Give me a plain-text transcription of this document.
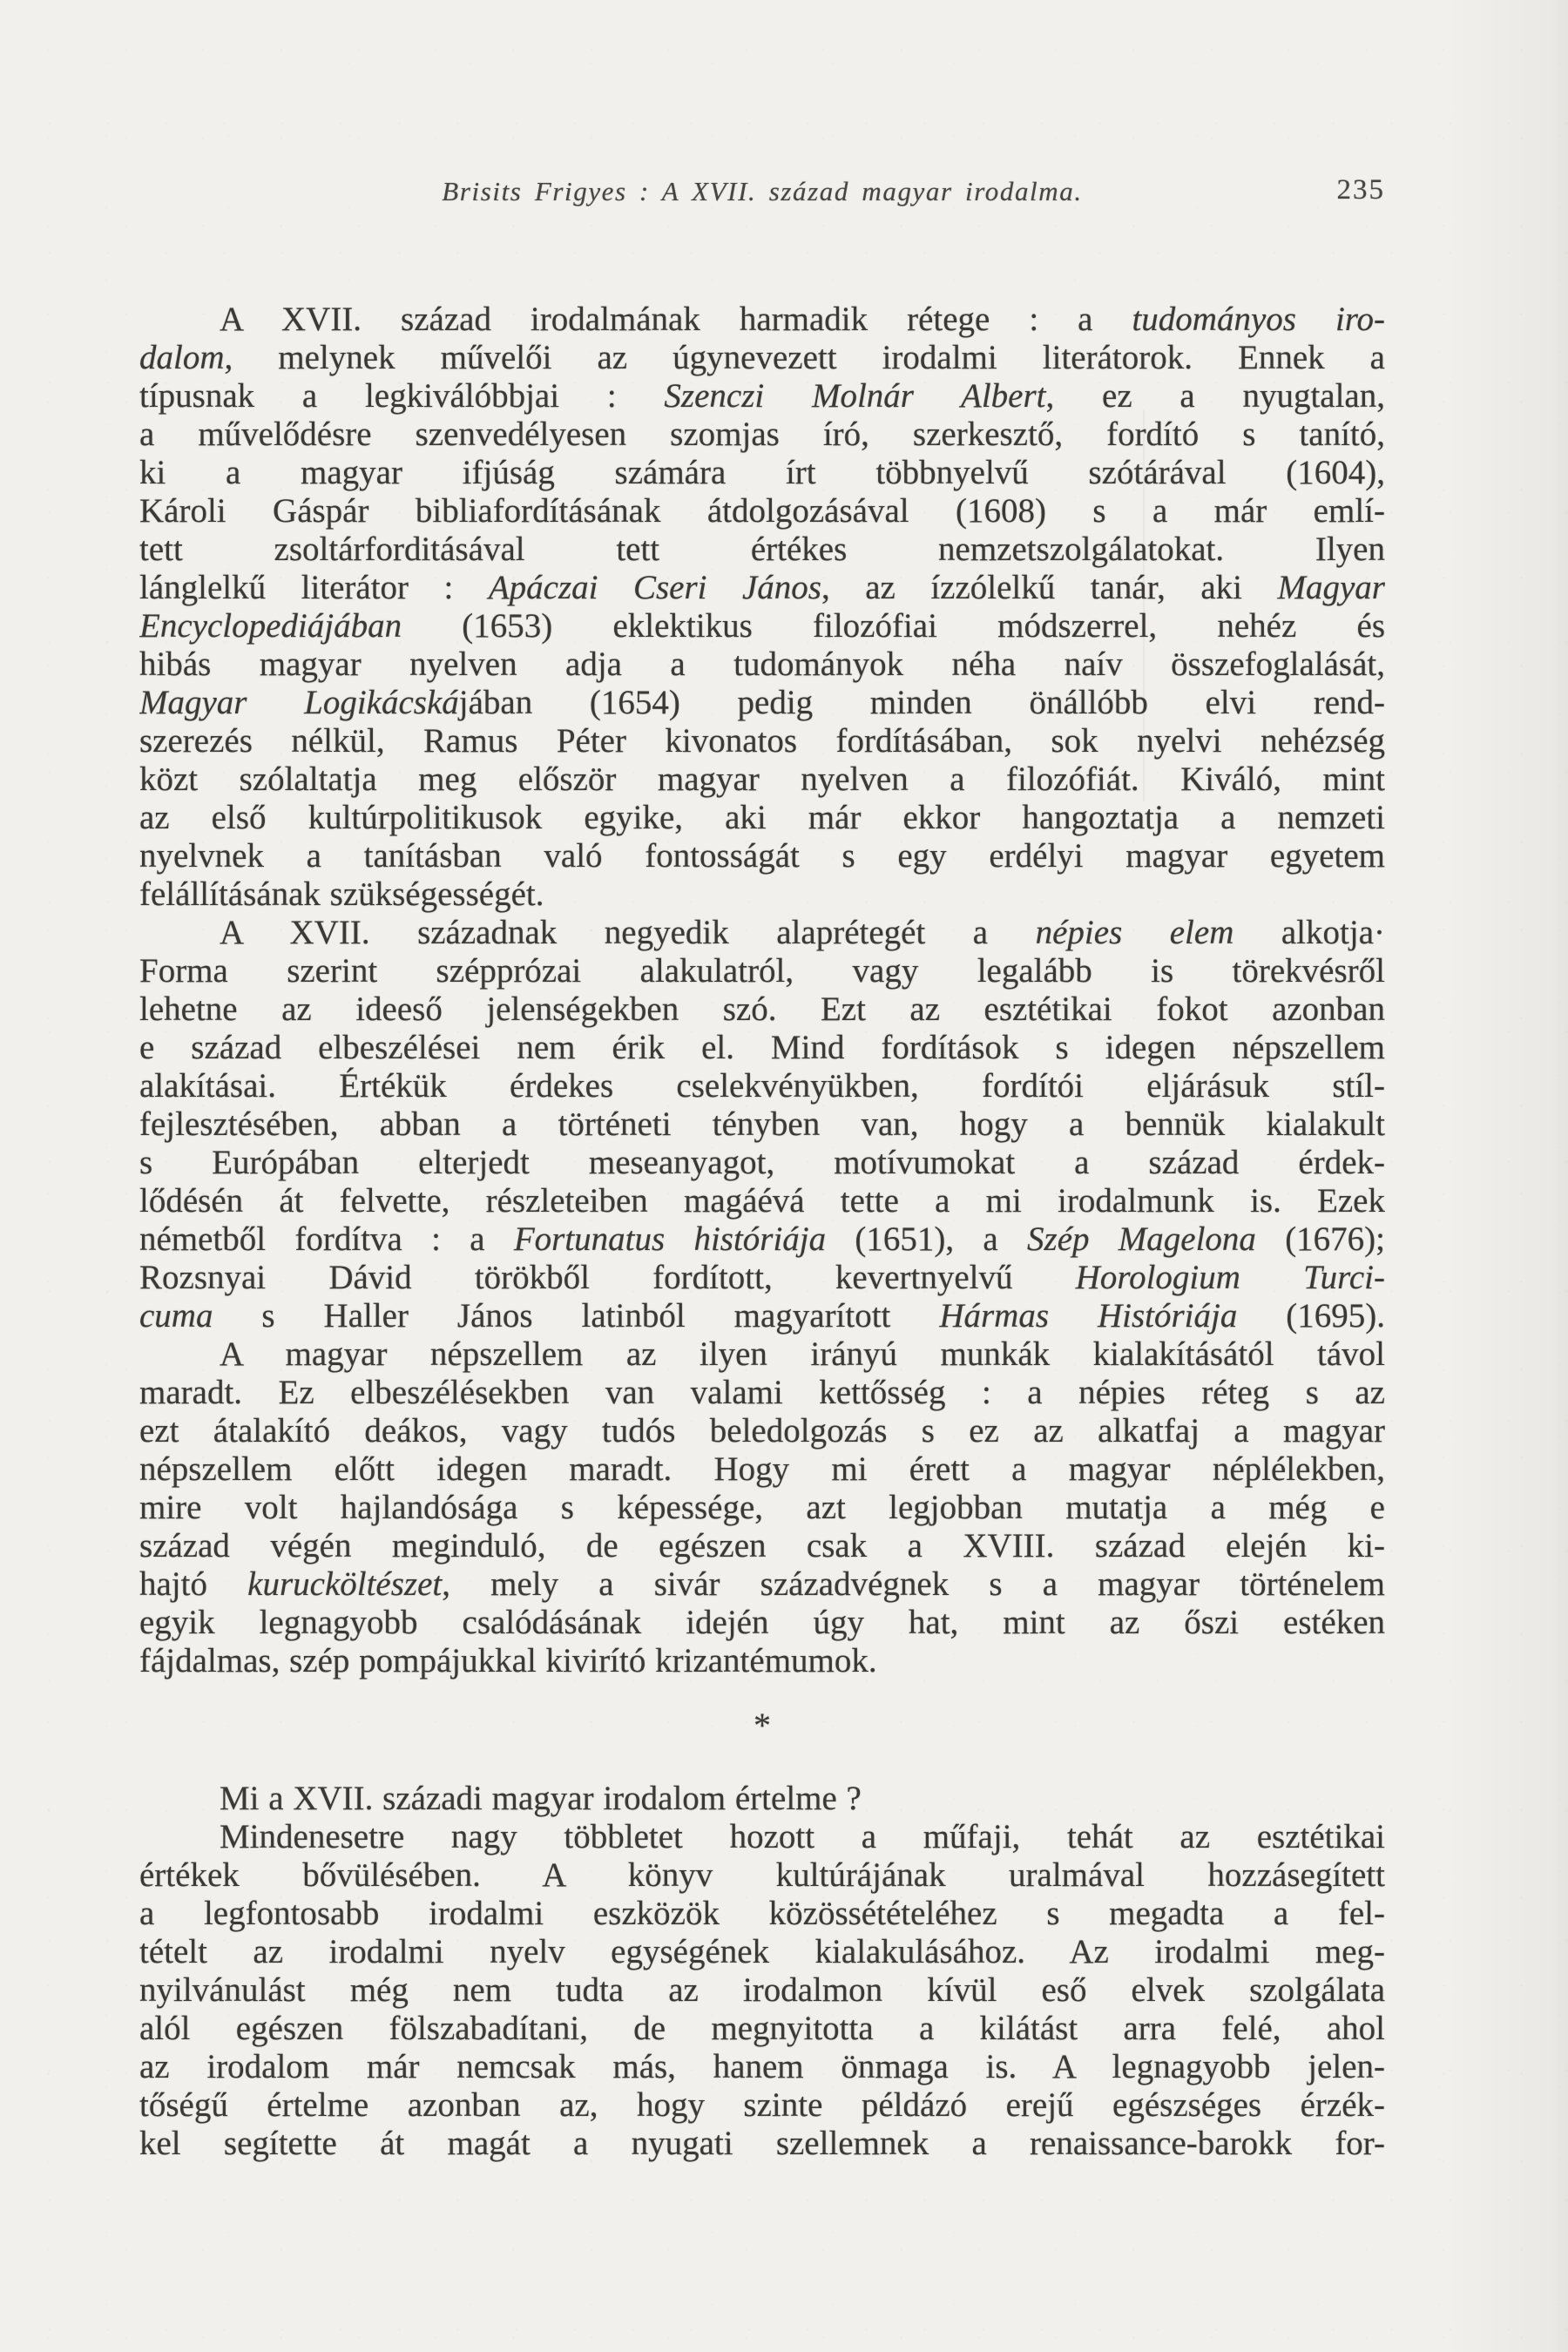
Brisits Frigyes : A XVII. század magyar irodalma.	235
A XVII. század irodalmának harmadik rétege : a tudományos iro-
dalom, melynek művelői az úgynevezett irodalmi literátorok. Ennek a
típusnak a legkiválóbbjai : Szenczi Molnár Albert, ez a nyugtalan,
a művelődésre szenvedélyesen szomjas író, szerkesztő, fordító s tanító,
ki a magyar ifjúság számára írt többnyelvű szótárával (1604),
Károli Gáspár bibliafordításának átdolgozásával (1608) s a már emlí-
tett zsoltárforditásával tett értékes nemzetszolgálatokat. Ilyen
lánglelkű literátor : Apáczai Cseri János, az ízzólelkű tanár, aki Magyar
Encyclopediájában (1653) eklektikus filozófiai módszerrel, nehéz és
hibás magyar nyelven adja a tudományok néha naív összefoglalását,
Magyar Logikácskájában (1654) pedig minden önállóbb elvi rend-
szerezés nélkül, Ramus Péter kivonatos fordításában, sok nyelvi nehézség
közt szólaltatja meg először magyar nyelven a filozófiát. Kiváló, mint
az első kultúrpolitikusok egyike, aki már ekkor hangoztatja a nemzeti
nyelvnek a tanításban való fontosságát s egy erdélyi magyar egyetem
felállításának szükségességét.
A XVII. századnak negyedik alaprétegét a népies elem alkotja·
Forma szerint szépprózai alakulatról, vagy legalább is törekvésről
lehetne az ideeső jelenségekben szó. Ezt az esztétikai fokot azonban
e század elbeszélései nem érik el. Mind fordítások s idegen népszellem
alakításai. Értékük érdekes cselekvényükben, fordítói eljárásuk stíl-
fejlesztésében, abban a történeti tényben van, hogy a bennük kialakult
s Európában elterjedt meseanyagot, motívumokat a század érdek-
lődésén át felvette, részleteiben magáévá tette a mi irodalmunk is. Ezek
németből fordítva : a Fortunatus históriája (1651), a Szép Magelona (1676);
Rozsnyai Dávid törökből fordított, kevertnyelvű Horologium Turci-
cuma s Haller János latinból magyarított Hármas Históriája (1695).
A magyar népszellem az ilyen irányú munkák kialakításától távol
maradt. Ez elbeszélésekben van valami kettősség : a népies réteg s az
ezt átalakító deákos, vagy tudós beledolgozás s ez az alkatfaj a magyar
népszellem előtt idegen maradt. Hogy mi érett a magyar néplélekben,
mire volt hajlandósága s képessége, azt legjobban mutatja a még e
század végén meginduló, de egészen csak a XVIII. század elején ki-
hajtó kurucköltészet, mely a sivár századvégnek s a magyar történelem
egyik legnagyobb csalódásának idején úgy hat, mint az őszi estéken
fájdalmas, szép pompájukkal kivirító krizantémumok.
*
Mi a XVII. századi magyar irodalom értelme ?
Mindenesetre nagy többletet hozott a műfaji, tehát az esztétikai
értékek bővülésében. A könyv kultúrájának uralmával hozzásegített
a legfontosabb irodalmi eszközök közössétételéhez s megadta a fel-
tételt az irodalmi nyelv egységének kialakulásához. Az irodalmi meg-
nyilvánulást még nem tudta az irodalmon kívül eső elvek szolgálata
alól egészen fölszabadítani, de megnyitotta a kilátást arra felé, ahol
az irodalom már nemcsak más, hanem önmaga is. A legnagyobb jelen-
tőségű értelme azonban az, hogy szinte példázó erejű egészséges érzék-
kel segítette át magát a nyugati szellemnek a renaissance-barokk for-
